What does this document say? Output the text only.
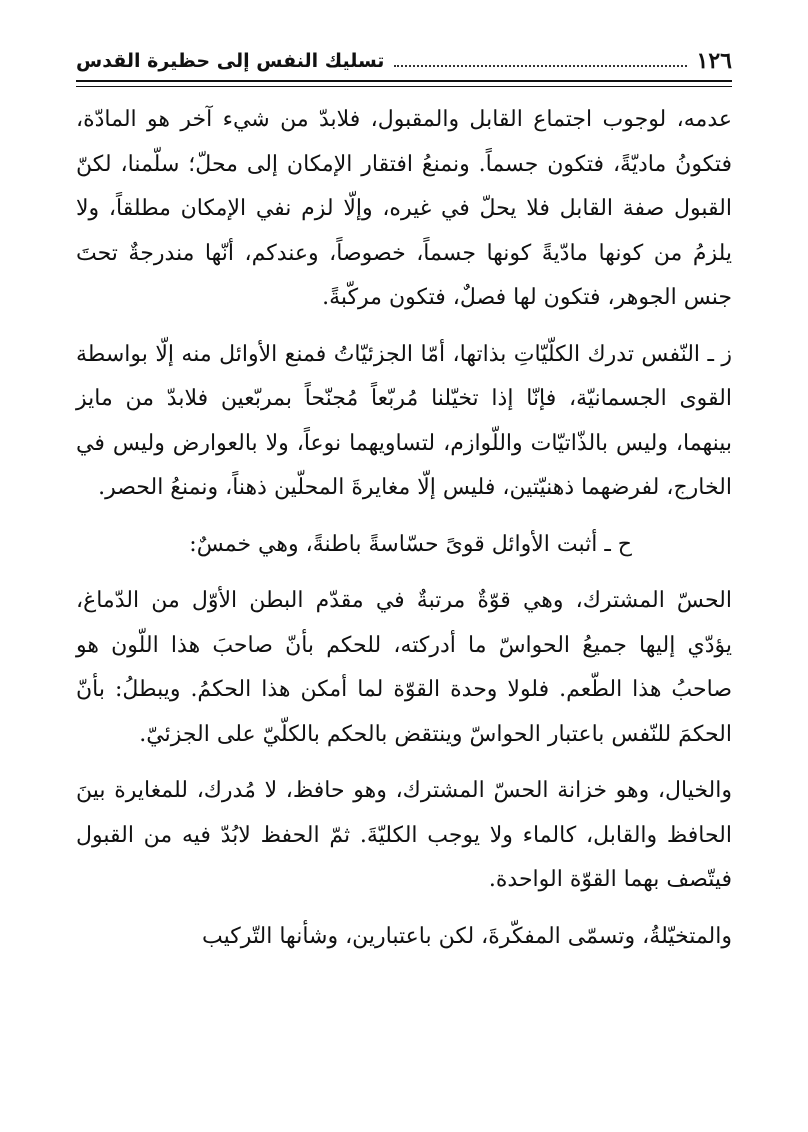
١٢٦
تسليك النفس إلى حظيرة القدس

عدمه، لوجوب اجتماع القابل والمقبول، فلابدّ من شيء آخر هو المادّة، فتكونُ ماديّةً، فتكون جسماً. ونمنعُ افتقار الإمكان إلى محلّ؛ سلّمنا، لكنّ القبول صفة القابل فلا يحلّ في غيره، وإلّا لزم نفي الإمكان مطلقاً، ولا يلزمُ من كونها مادّيةً كونها جسماً، خصوصاً، وعندكم، أنّها مندرجةٌ تحتَ جنس الجوهر، فتكون لها فصلٌ، فتكون مركّبةً.

ز ـ النّفس تدرك الكلّيّاتِ بذاتها، أمّا الجزئيّاتُ فمنع الأوائل منه إلّا بواسطة القوى الجسمانيّة، فإنّا إذا تخيّلنا مُربّعاً مُجنّحاً بمربّعين فلابدّ من مايز بينهما، وليس بالذّاتيّات واللّوازم، لتساويهما نوعاً، ولا بالعوارض وليس في الخارج، لفرضهما ذهنيّتين، فليس إلّا مغايرةَ المحلّين ذهناً، ونمنعُ الحصر.

ح ـ أثبت الأوائل قوىً حسّاسةً باطنةً، وهي خمسٌ:

الحسّ المشترك، وهي قوّةٌ مرتبةٌ في مقدّم البطن الأوّل من الدّماغ، يؤدّي إليها جميعُ الحواسّ ما أدركته، للحكم بأنّ صاحبَ هذا اللّون هو صاحبُ هذا الطّعم. فلولا وحدة القوّة لما أمكن هذا الحكمُ. ويبطلُ: بأنّ الحكمَ للنّفس باعتبار الحواسّ وينتقض بالحكم بالكلّيّ على الجزئيّ.

والخيال، وهو خزانة الحسّ المشترك، وهو حافظ، لا مُدرك، للمغايرة بينَ الحافظ والقابل، كالماء ولا يوجب الكليّةَ. ثمّ الحفظ لابُدّ فيه من القبول فيتّصف بهما القوّة الواحدة.

والمتخيّلةُ، وتسمّى المفكّرةَ، لكن باعتبارين، وشأنها التّركيب
